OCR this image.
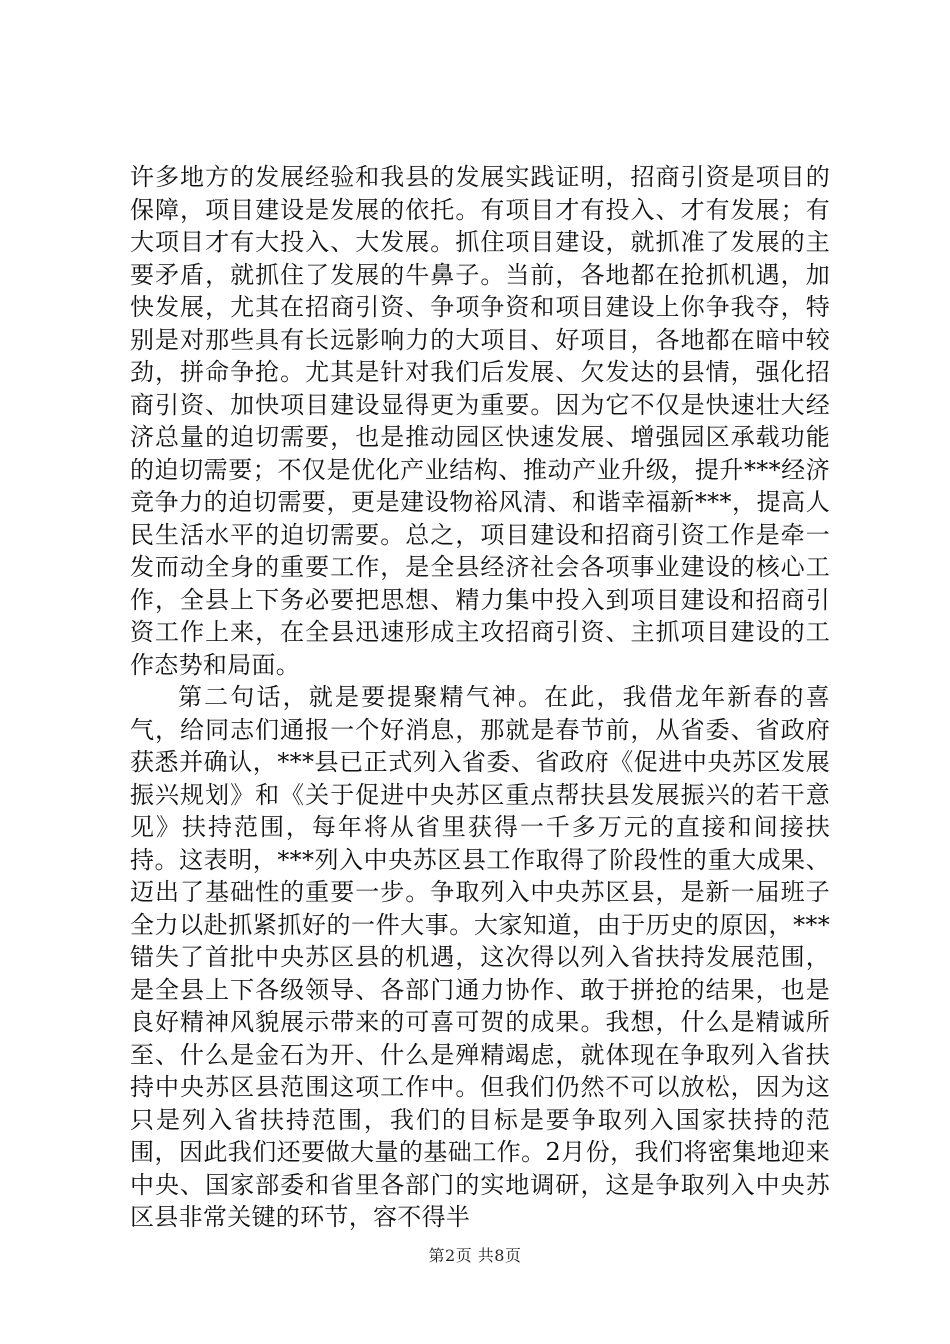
许多地方的发展经验和我县的发展实践证明，招商引资是项目的保障，项目建设是发展的依托。有项目才有投入、才有发展；有大项目才有大投入、大发展。抓住项目建设，就抓准了发展的主要矛盾，就抓住了发展的牛鼻子。当前，各地都在抢抓机遇，加快发展，尤其在招商引资、争项争资和项目建设上你争我夺，特别是对那些具有长远影响力的大项目、好项目，各地都在暗中较劲，拼命争抢。尤其是针对我们后发展、欠发达的县情，强化招商引资、加快项目建设显得更为重要。因为它不仅是快速壮大经济总量的迫切需要，也是推动园区快速发展、增强园区承载功能的迫切需要；不仅是优化产业结构、推动产业升级，提升***经济竞争力的迫切需要，更是建设物裕风清、和谐幸福新***，提高人民生活水平的迫切需要。总之，项目建设和招商引资工作是牵一发而动全身的重要工作，是全县经济社会各项事业建设的核心工作，全县上下务必要把思想、精力集中投入到项目建设和招商引资工作上来，在全县迅速形成主攻招商引资、主抓项目建设的工作态势和局面。

第二句话，就是要提聚精气神。在此，我借龙年新春的喜气，给同志们通报一个好消息，那就是春节前，从省委、省政府获悉并确认，***县已正式列入省委、省政府《促进中央苏区发展振兴规划》和《关于促进中央苏区重点帮扶县发展振兴的若干意见》扶持范围，每年将从省里获得一千多万元的直接和间接扶持。这表明，***列入中央苏区县工作取得了阶段性的重大成果、迈出了基础性的重要一步。争取列入中央苏区县，是新一届班子全力以赴抓紧抓好的一件大事。大家知道，由于历史的原因，***错失了首批中央苏区县的机遇，这次得以列入省扶持发展范围，是全县上下各级领导、各部门通力协作、敢于拼抢的结果，也是良好精神风貌展示带来的可喜可贺的成果。我想，什么是精诚所至、什么是金石为开、什么是殚精竭虑，就体现在争取列入省扶持中央苏区县范围这项工作中。但我们仍然不可以放松，因为这只是列入省扶持范围，我们的目标是要争取列入国家扶持的范围，因此我们还要做大量的基础工作。2月份，我们将密集地迎来中央、国家部委和省里各部门的实地调研，这是争取列入中央苏区县非常关键的环节，容不得半

第2页 共8页
